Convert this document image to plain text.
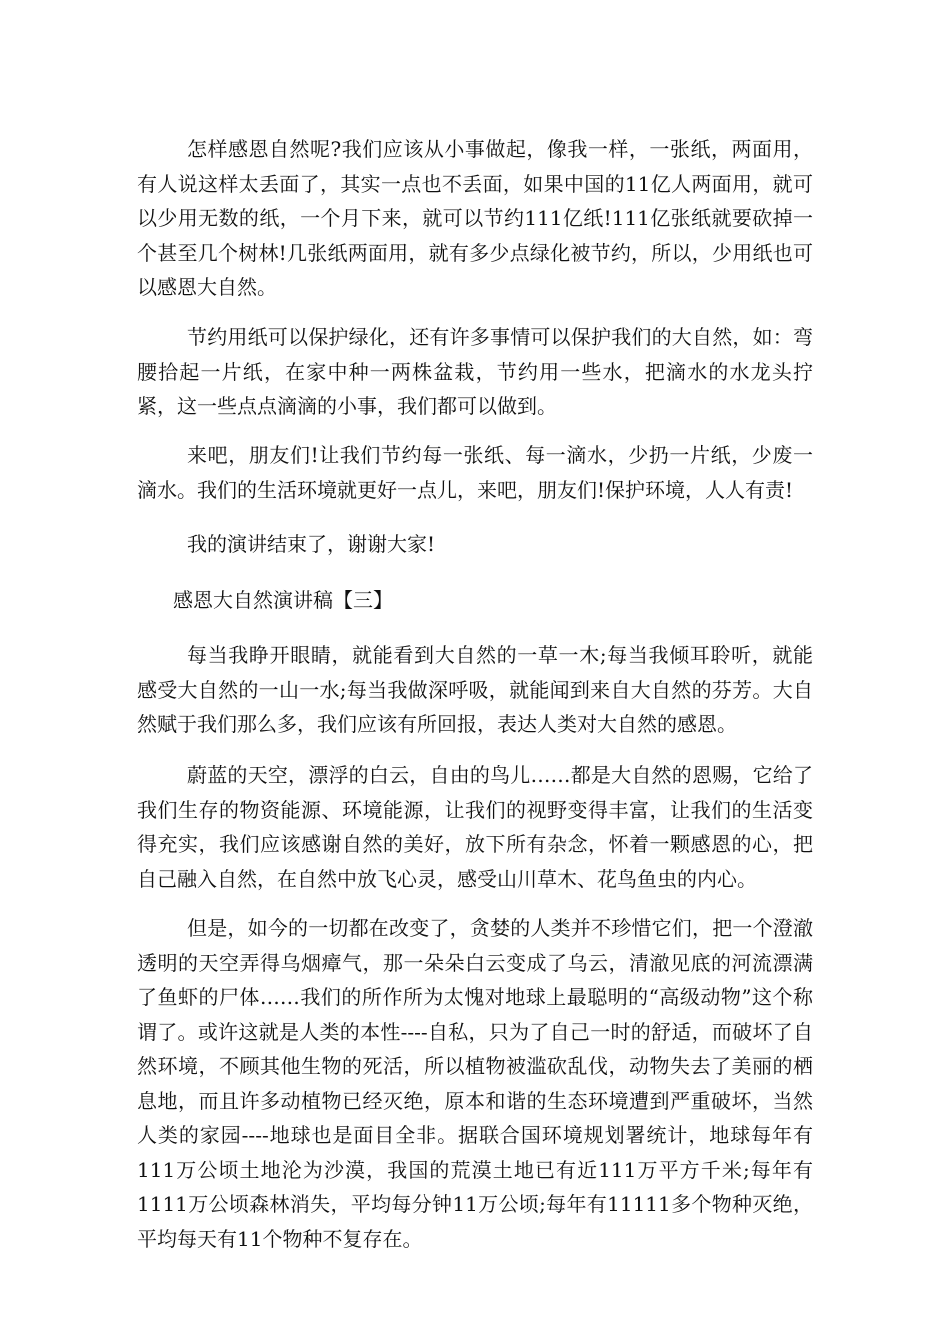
怎样感恩自然呢?我们应该从小事做起，像我一样，一张纸，两面用，有人说这样太丢面了，其实一点也不丢面，如果中国的11亿人两面用，就可以少用无数的纸，一个月下来，就可以节约111亿纸!111亿张纸就要砍掉一个甚至几个树林!几张纸两面用，就有多少点绿化被节约，所以，少用纸也可以感恩大自然。

节约用纸可以保护绿化，还有许多事情可以保护我们的大自然，如：弯腰拾起一片纸，在家中种一两株盆栽，节约用一些水，把滴水的水龙头拧紧，这一些点点滴滴的小事，我们都可以做到。

来吧，朋友们!让我们节约每一张纸、每一滴水，少扔一片纸，少废一滴水。我们的生活环境就更好一点儿，来吧，朋友们!保护环境，人人有责!

我的演讲结束了，谢谢大家!

感恩大自然演讲稿【三】

每当我睁开眼睛，就能看到大自然的一草一木;每当我倾耳聆听，就能感受大自然的一山一水;每当我做深呼吸，就能闻到来自大自然的芬芳。大自然赋于我们那么多，我们应该有所回报，表达人类对大自然的感恩。

蔚蓝的天空，漂浮的白云，自由的鸟儿……都是大自然的恩赐，它给了我们生存的物资能源、环境能源，让我们的视野变得丰富，让我们的生活变得充实，我们应该感谢自然的美好，放下所有杂念，怀着一颗感恩的心，把自己融入自然，在自然中放飞心灵，感受山川草木、花鸟鱼虫的内心。

但是，如今的一切都在改变了，贪婪的人类并不珍惜它们，把一个澄澈透明的天空弄得乌烟瘴气，那一朵朵白云变成了乌云，清澈见底的河流漂满了鱼虾的尸体……我们的所作所为太愧对地球上最聪明的“高级动物”这个称谓了。或许这就是人类的本性----自私，只为了自己一时的舒适，而破坏了自然环境，不顾其他生物的死活，所以植物被滥砍乱伐，动物失去了美丽的栖息地，而且许多动植物已经灭绝，原本和谐的生态环境遭到严重破坏，当然人类的家园----地球也是面目全非。据联合国环境规划署统计，地球每年有111万公顷土地沦为沙漠，我国的荒漠土地已有近111万平方千米;每年有1111万公顷森林消失，平均每分钟11万公顷;每年有11111多个物种灭绝，平均每天有11个物种不复存在。
